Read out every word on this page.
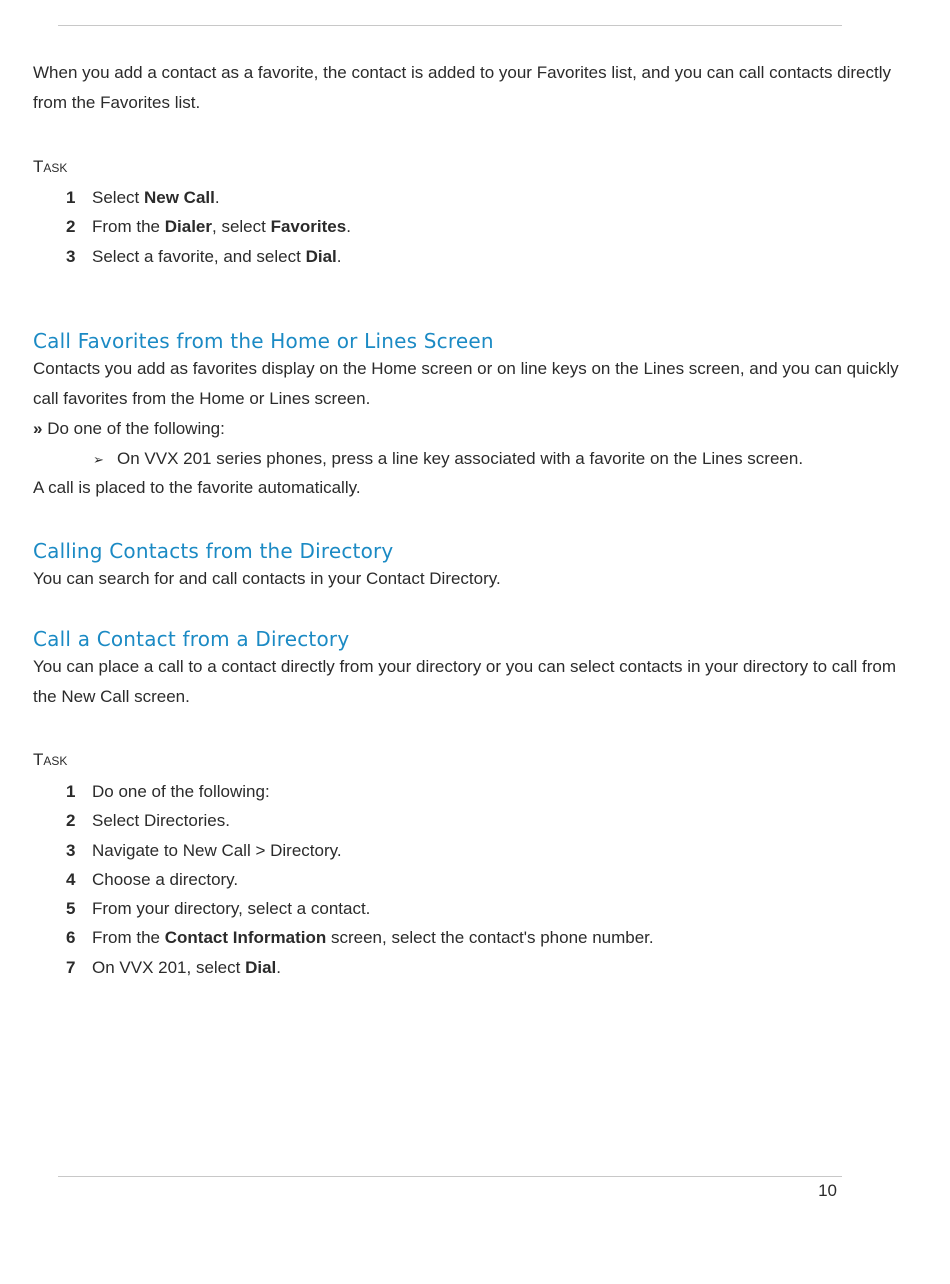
When you add a contact as a favorite, the contact is added to your Favorites list, and you can call contacts directly from the Favorites list.

TASK
1 Select New Call.
2 From the Dialer, select Favorites.
3 Select a favorite, and select Dial.
Call Favorites from the Home or Lines Screen

Contacts you add as favorites display on the Home screen or on line keys on the Lines screen, and you can quickly call favorites from the Home or Lines screen.

» Do one of the following:

➢ On VVX 201 series phones, press a line key associated with a favorite on the Lines screen.

A call is placed to the favorite automatically.

Calling Contacts from the Directory

You can search for and call contacts in your Contact Directory.

Call a Contact from a Directory

You can place a call to a contact directly from your directory or you can select contacts in your directory to call from the New Call screen.

TASK
1 Do one of the following:
2 Select Directories.
3 Navigate to New Call > Directory.
4 Choose a directory.
5 From your directory, select a contact.
6 From the Contact Information screen, select the contact's phone number.
7 On VVX 201, select Dial.
10
